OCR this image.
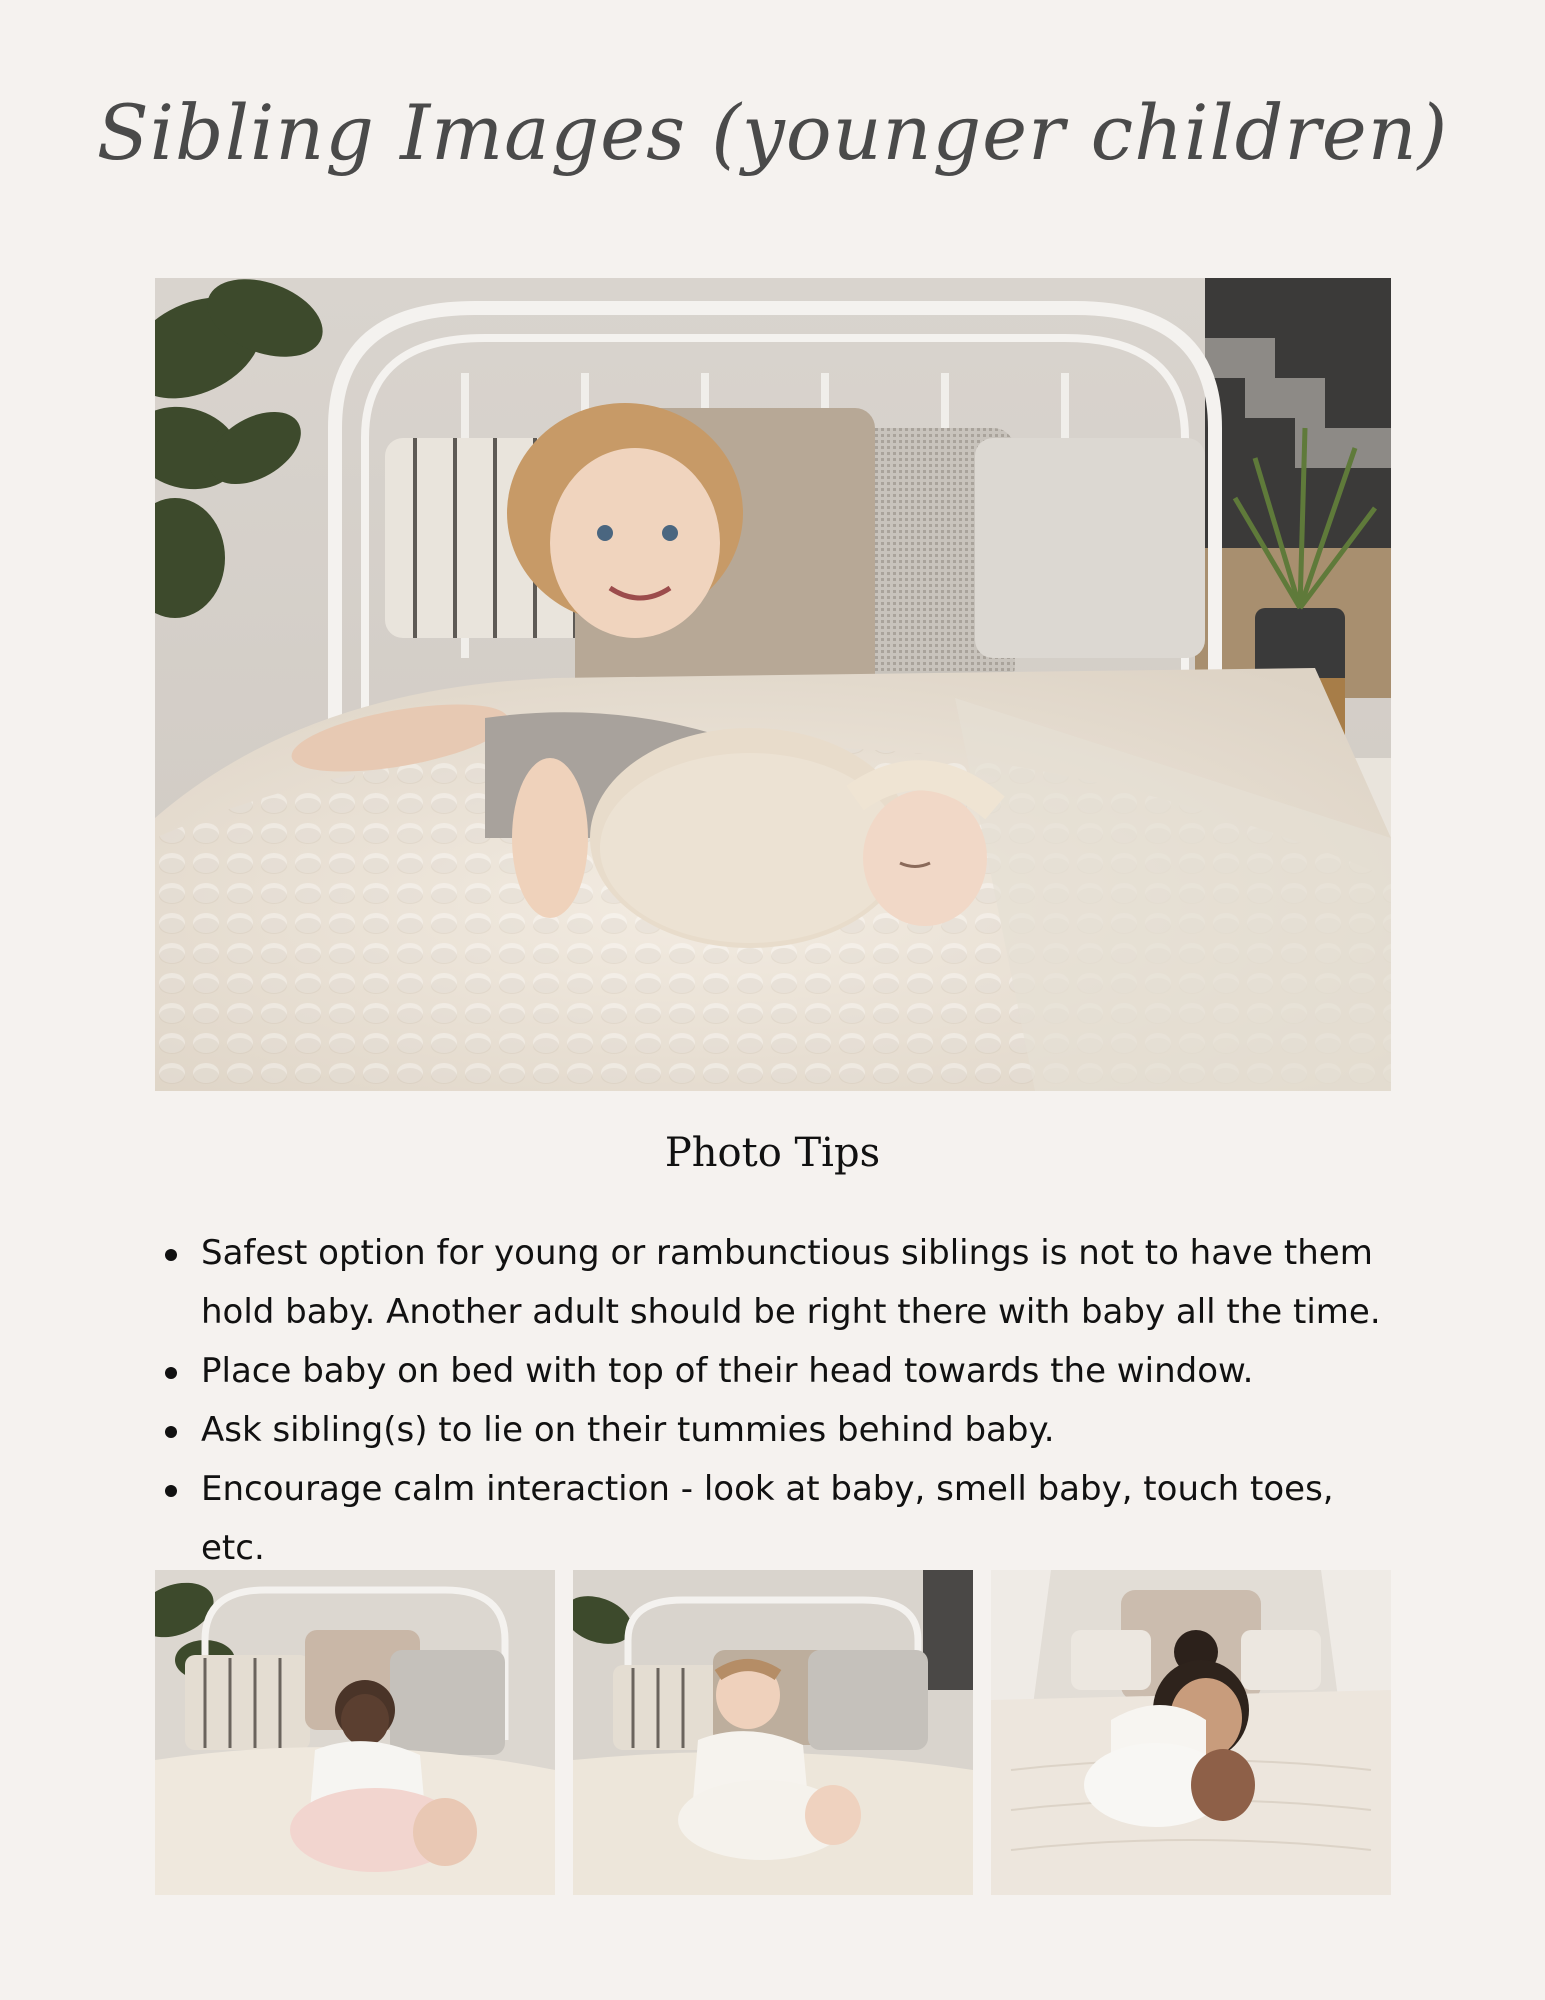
Sibling Images (younger children)
Photo Tips
Safest option for young or rambunctious siblings is not to have them hold baby. Another adult should be right there with baby all the time.
Place baby on bed with top of their head towards the window.
Ask sibling(s) to lie on their tummies behind baby.
Encourage calm interaction - look at baby, smell baby, touch toes, etc.
